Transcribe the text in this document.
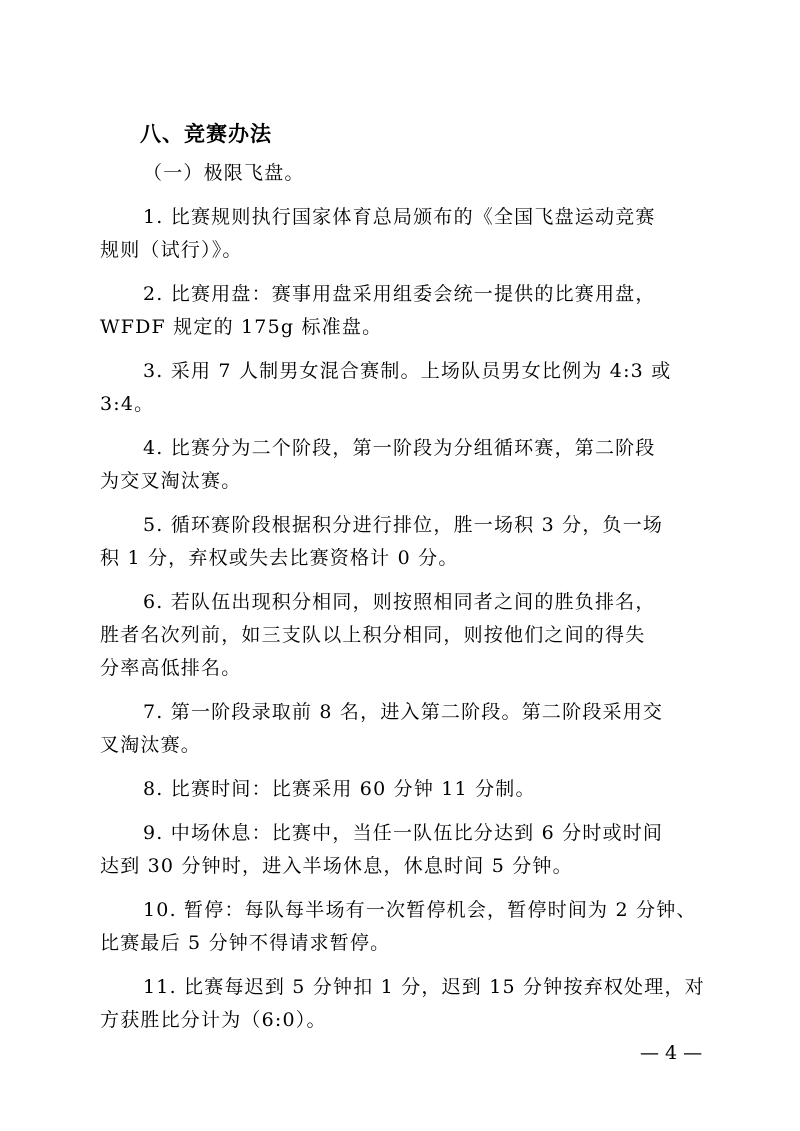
八、竞赛办法
（一）极限飞盘。
1. 比赛规则执行国家体育总局颁布的《全国飞盘运动竞赛
规则（试行）》。
2. 比赛用盘：赛事用盘采用组委会统一提供的比赛用盘，
WFDF 规定的 175g 标准盘。
3. 采用 7 人制男女混合赛制。上场队员男女比例为 4:3 或
3:4。
4. 比赛分为二个阶段，第一阶段为分组循环赛，第二阶段
为交叉淘汰赛。
5. 循环赛阶段根据积分进行排位，胜一场积 3 分，负一场
积 1 分，弃权或失去比赛资格计 0 分。
6. 若队伍出现积分相同，则按照相同者之间的胜负排名，
胜者名次列前，如三支队以上积分相同，则按他们之间的得失
分率高低排名。
7. 第一阶段录取前 8 名，进入第二阶段。第二阶段采用交
叉淘汰赛。
8. 比赛时间：比赛采用 60 分钟 11 分制。
9. 中场休息：比赛中，当任一队伍比分达到 6 分时或时间
达到 30 分钟时，进入半场休息，休息时间 5 分钟。
10. 暂停：每队每半场有一次暂停机会，暂停时间为 2 分钟、
比赛最后 5 分钟不得请求暂停。
11. 比赛每迟到 5 分钟扣 1 分，迟到 15 分钟按弃权处理，对
方获胜比分计为（6:0）。
— 4 —
